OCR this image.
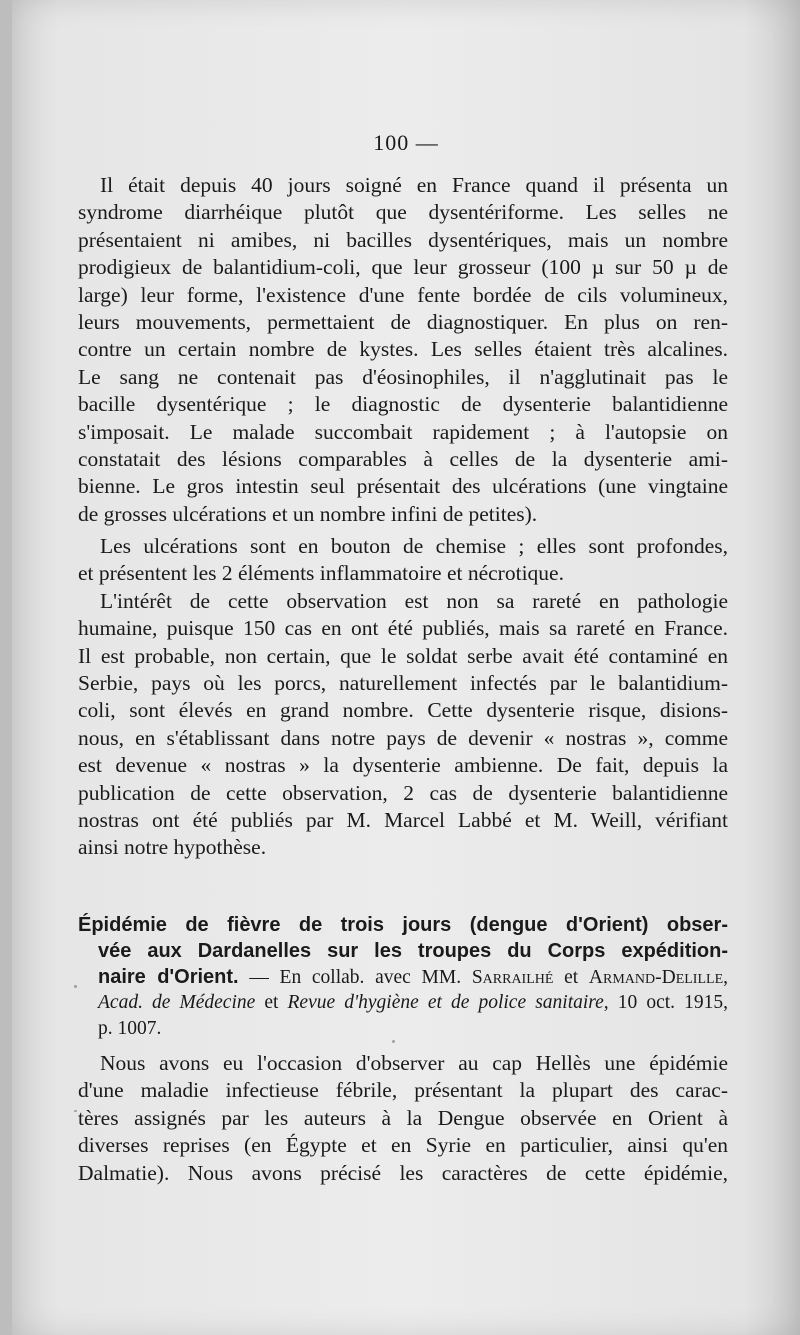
100 —
Il était depuis 40 jours soigné en France quand il présenta un
syndrome diarrhéique plutôt que dysentériforme. Les selles ne
présentaient ni amibes, ni bacilles dysentériques, mais un nombre
prodigieux de balantidium-coli, que leur grosseur (100 µ sur 50 µ de
large) leur forme, l'existence d'une fente bordée de cils volumineux,
leurs mouvements, permettaient de diagnostiquer. En plus on ren-
contre un certain nombre de kystes. Les selles étaient très alcalines.
Le sang ne contenait pas d'éosinophiles, il n'agglutinait pas le
bacille dysentérique ; le diagnostic de dysenterie balantidienne
s'imposait. Le malade succombait rapidement ; à l'autopsie on
constatait des lésions comparables à celles de la dysenterie ami-
bienne. Le gros intestin seul présentait des ulcérations (une vingtaine
de grosses ulcérations et un nombre infini de petites).
Les ulcérations sont en bouton de chemise ; elles sont profondes,
et présentent les 2 éléments inflammatoire et nécrotique.
L'intérêt de cette observation est non sa rareté en pathologie
humaine, puisque 150 cas en ont été publiés, mais sa rareté en France.
Il est probable, non certain, que le soldat serbe avait été contaminé en
Serbie, pays où les porcs, naturellement infectés par le balantidium-
coli, sont élevés en grand nombre. Cette dysenterie risque, disions-
nous, en s'établissant dans notre pays de devenir « nostras », comme
est devenue « nostras » la dysenterie ambienne. De fait, depuis la
publication de cette observation, 2 cas de dysenterie balantidienne
nostras ont été publiés par M. Marcel Labbé et M. Weill, vérifiant
ainsi notre hypothèse.
Épidémie de fièvre de trois jours (dengue d'Orient) obser-
vée aux Dardanelles sur les troupes du Corps expédition-
naire d'Orient. — En collab. avec MM. Sarrailhé et Armand-Delille,
Acad. de Médecine et Revue d'hygiène et de police sanitaire, 10 oct. 1915,
p. 1007.
Nous avons eu l'occasion d'observer au cap Hellès une épidémie
d'une maladie infectieuse fébrile, présentant la plupart des carac-
tères assignés par les auteurs à la Dengue observée en Orient à
diverses reprises (en Égypte et en Syrie en particulier, ainsi qu'en
Dalmatie). Nous avons précisé les caractères de cette épidémie,
